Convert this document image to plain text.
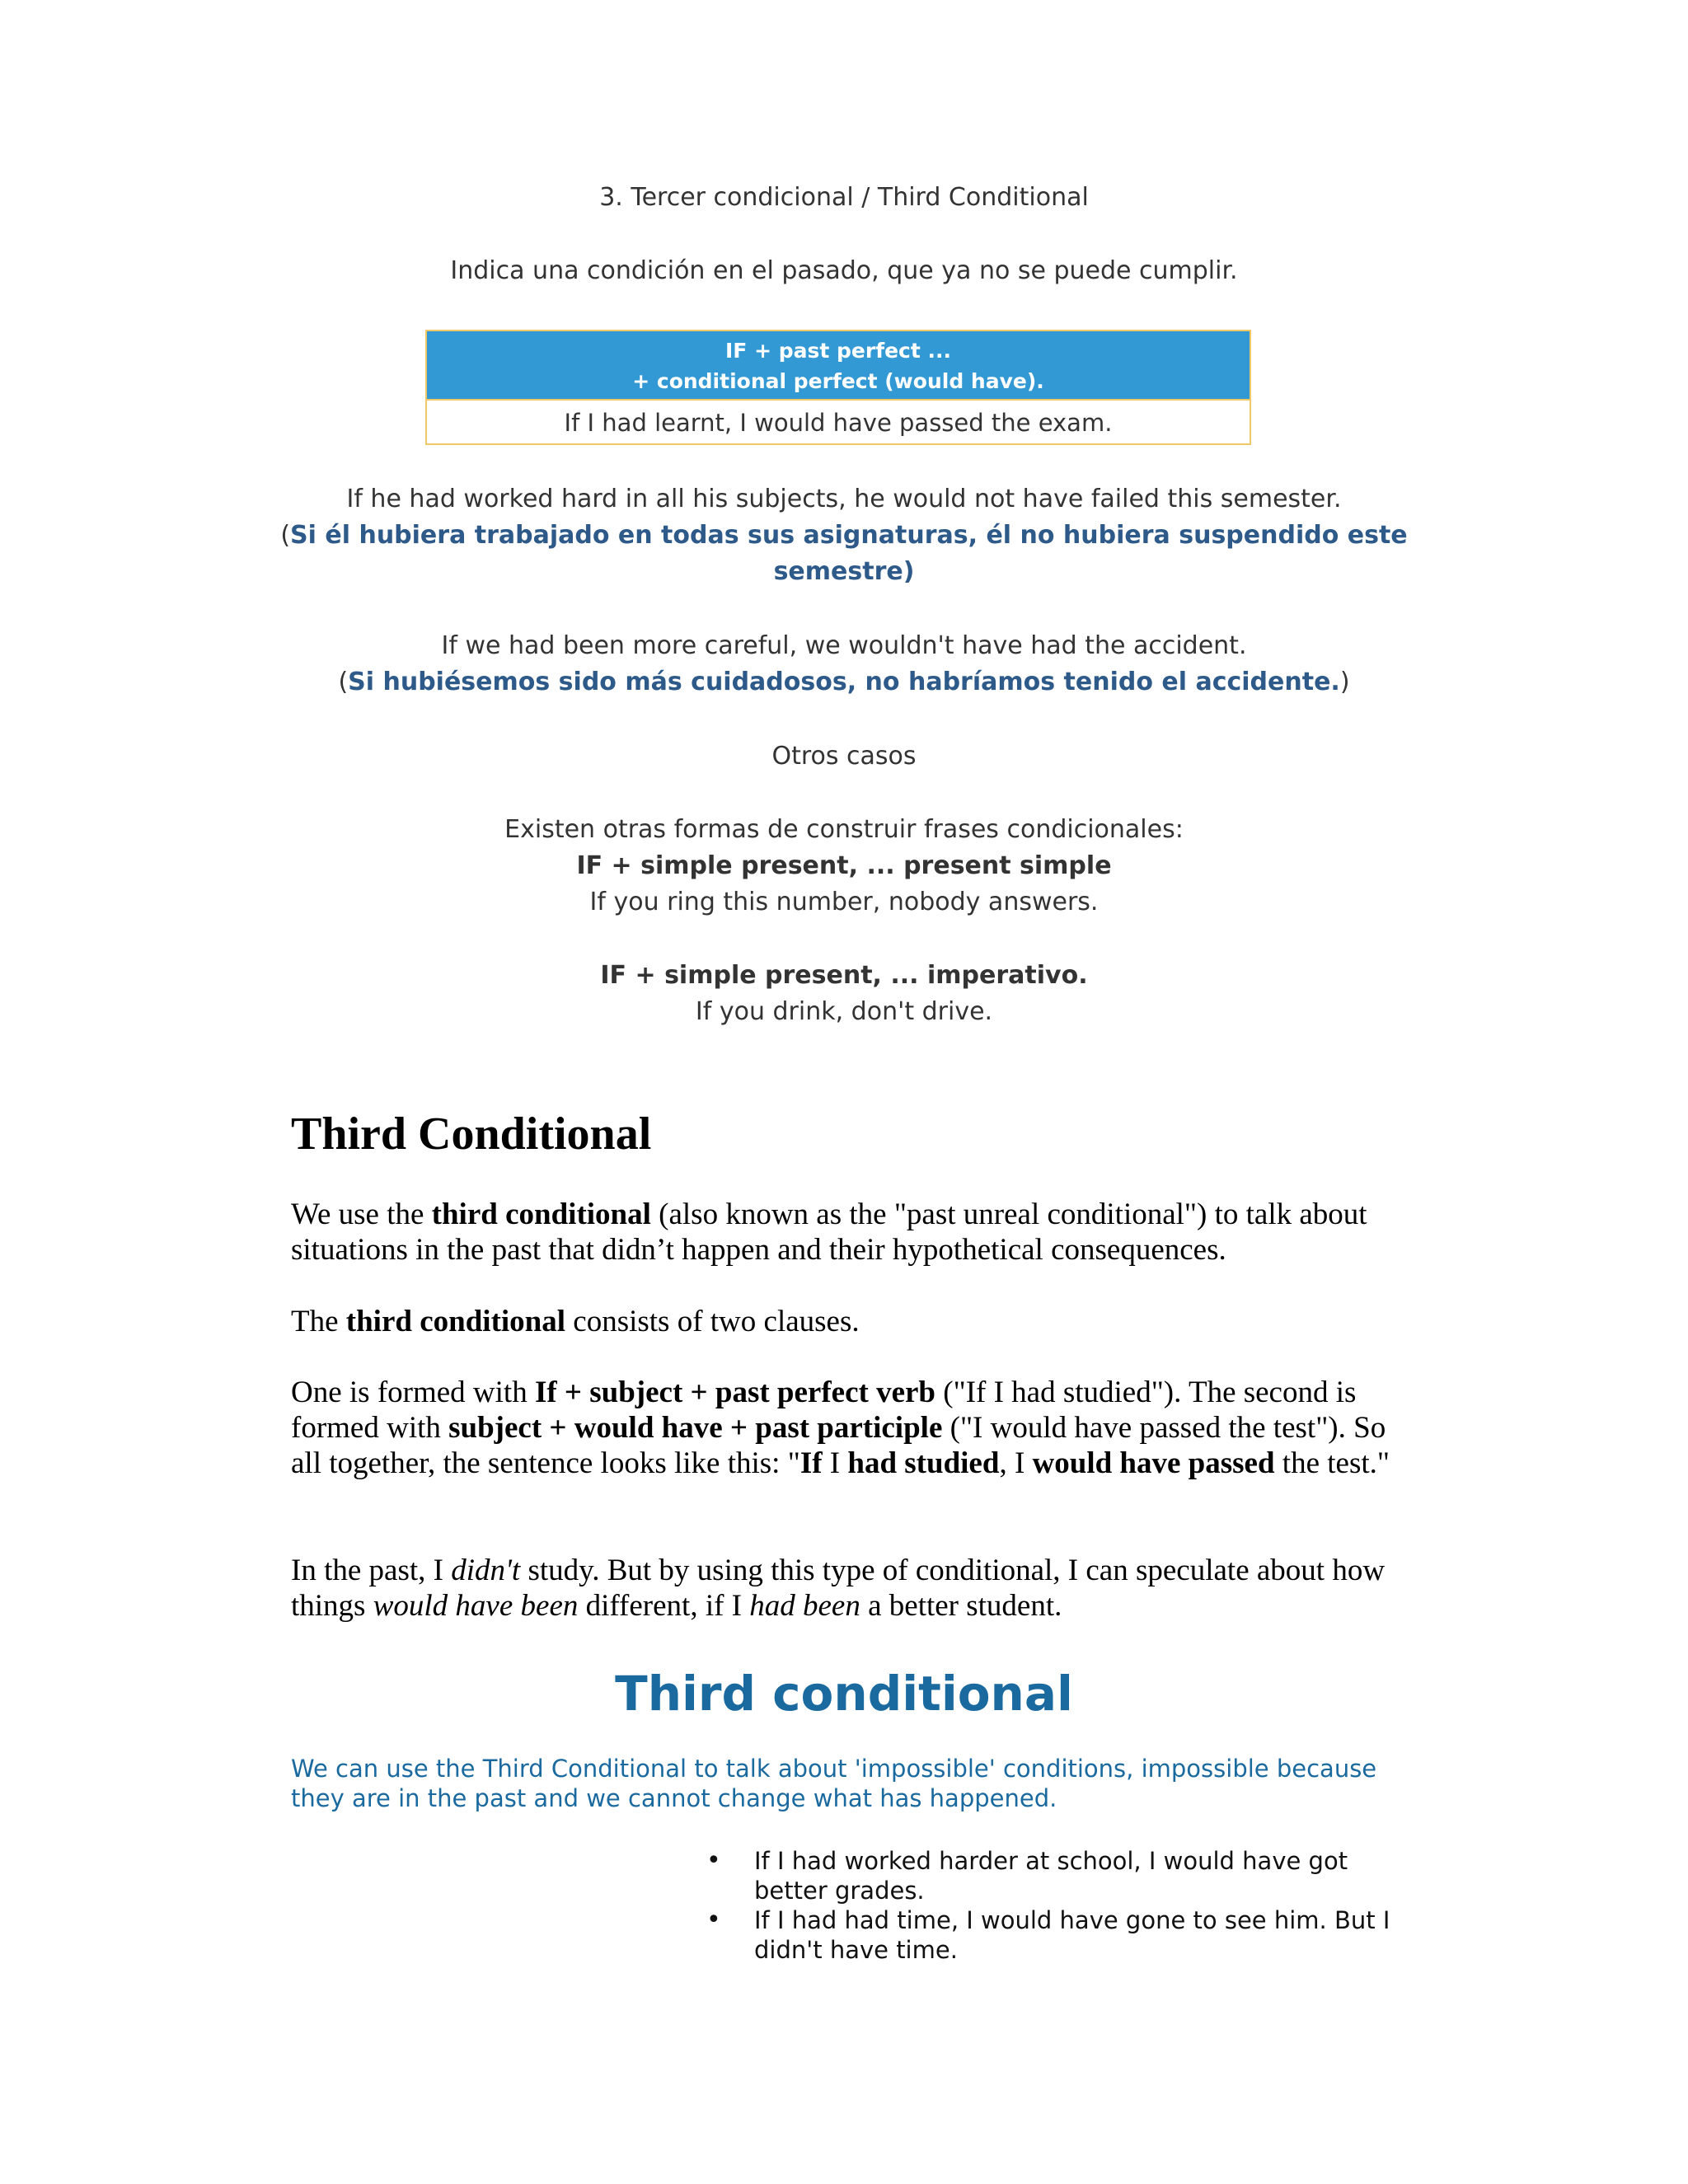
3. Tercer condicional / Third Conditional
Indica una condición en el pasado, que ya no se puede cumplir.
IF + past perfect ...
+ conditional perfect (would have).
If I had learnt, I would have passed the exam.
If he had worked hard in all his subjects, he would not have failed this semester.
(Si él hubiera trabajado en todas sus asignaturas, él no hubiera suspendido este
semestre)
If we had been more careful, we wouldn't have had the accident.
(Si hubiésemos sido más cuidadosos, no habríamos tenido el accidente.)
Otros casos
Existen otras formas de construir frases condicionales:
IF + simple present, ... present simple
If you ring this number, nobody answers.
IF + simple present, ... imperativo.
If you drink, don't drive.
Third Conditional
We use the third conditional (also known as the "past unreal conditional") to talk about situations in the past that didn’t happen and their hypothetical consequences.
The third conditional consists of two clauses.
One is formed with If + subject + past perfect verb ("If I had studied"). The second is formed with subject + would have + past participle ("I would have passed the test"). So all together, the sentence looks like this: "If I had studied, I would have passed the test."
In the past, I didn't study. But by using this type of conditional, I can speculate about how things would have been different, if I had been a better student.
Third conditional
We can use the Third Conditional to talk about 'impossible' conditions, impossible because they are in the past and we cannot change what has happened.
• If I had worked harder at school, I would have got better grades.
• If I had had time, I would have gone to see him. But I didn't have time.
